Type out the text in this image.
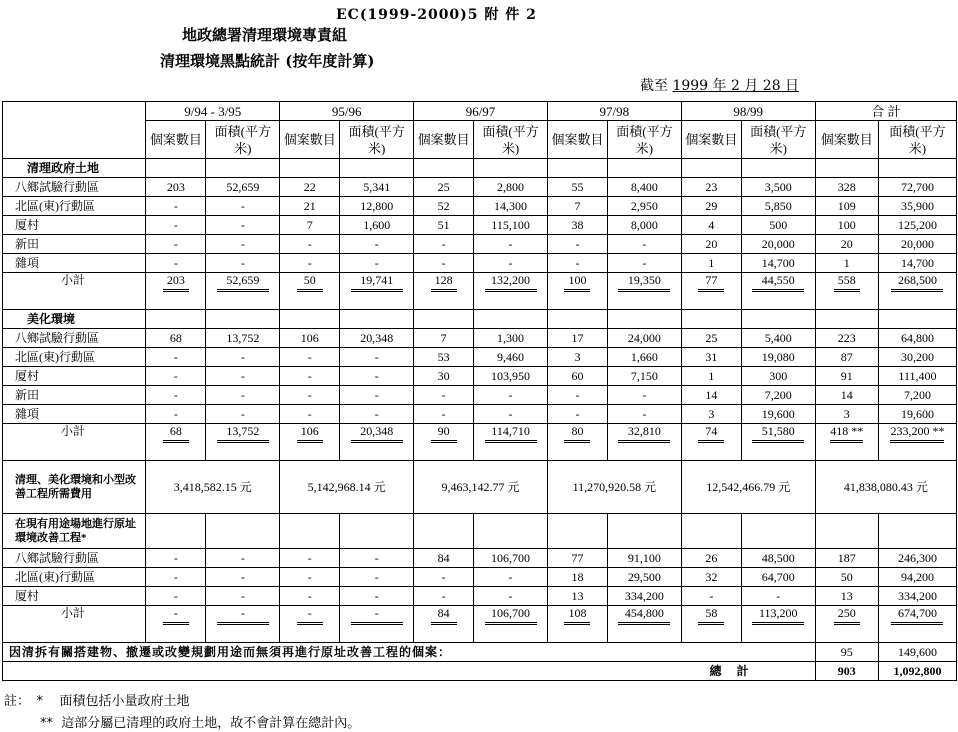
EC(1999-2000)5 附 件 2
地政總署清理環境專責組
清理環境黑點統計 (按年度計算)
截至 1999 年 2 月 28 日
	9/94 - 3/95		95/96		96/97		97/98		98/99		合 計	
	個案數目	面積(平方米)	個案數目	面積(平方米)	個案數目	面積(平方米)	個案數目	面積(平方米)	個案數目	面積(平方米)	個案數目	面積(平方米)
清理政府土地												
八鄉試驗行動區	203	52,659	22	5,341	25	2,800	55	8,400	23	3,500	328	72,700
北區(東)行動區	-	-	21	12,800	52	14,300	7	2,950	29	5,850	109	35,900
厦村	-	-	7	1,600	51	115,100	38	8,000	4	500	100	125,200
新田	-	-	-	-	-	-	-	-	20	20,000	20	20,000
雜項	-	-	-	-	-	-	-	-	1	14,700	1	14,700
小計	203	52,659	50	19,741	128	132,200	100	19,350	77	44,550	558	268,500
美化環境												
八鄉試驗行動區	68	13,752	106	20,348	7	1,300	17	24,000	25	5,400	223	64,800
北區(東)行動區	-	-	-	-	53	9,460	3	1,660	31	19,080	87	30,200
厦村	-	-	-	-	30	103,950	60	7,150	1	300	91	111,400
新田	-	-	-	-	-	-	-	-	14	7,200	14	7,200
雜項	-	-	-	-	-	-	-	-	3	19,600	3	19,600
小計	68	13,752	106	20,348	90	114,710	80	32,810	74	51,580	418 **	233,200 **
清理、美化環境和小型改善工程所需費用	3,418,582.15 元		5,142,968.14 元		9,463,142.77 元		11,270,920.58 元		12,542,466.79 元		41,838,080.43 元	
在現有用途場地進行原址環境改善工程*												
八鄉試驗行動區	-	-	-	-	84	106,700	77	91,100	26	48,500	187	246,300
北區(東)行動區	-	-	-	-	-	-	18	29,500	32	64,700	50	94,200
厦村	-	-	-	-	-	-	13	334,200	-	-	13	334,200
小計	-	-	-	-	84	106,700	108	454,800	58	113,200	250	674,700
因清拆有關搭建物、撤遷或改變規劃用途而無須再進行原址改善工程的個案：											95	149,600
總 計											903	1,092,800
註：　* 面積包括小量政府土地
** 這部分屬已清理的政府土地，故不會計算在總計內。
